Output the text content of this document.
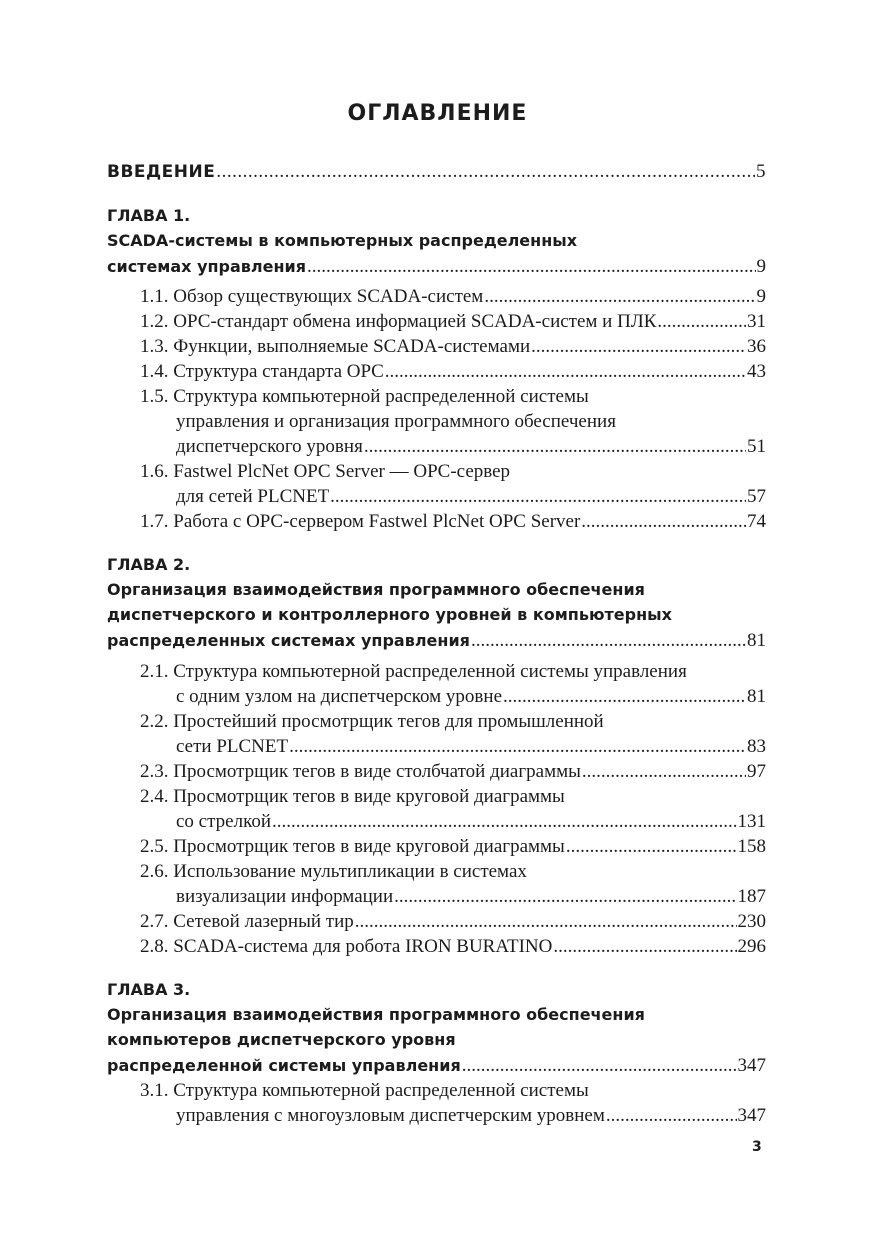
ОГЛАВЛЕНИЕ
ВВЕДЕНИЕ .....	5
ГЛАВА 1.
SCADA-системы в компьютерных распределенных
системах управления .....	9
1.1. Обзор существующих SCADA-систем .....	9
1.2. ОРС-стандарт обмена информацией SCADA-систем и ПЛК .....	31
1.3. Функции, выполняемые SCADA-системами .....	36
1.4. Структура стандарта OPC .....	43
1.5. Структура компьютерной распределенной системы
управления и организация программного обеспечения
диспетчерского уровня .....	51
1.6. Fastwel PlcNet OPC Server — OPC-сервер
для сетей PLCNET .....	57
1.7. Работа с OPC-сервером Fastwel PlcNet OPC Server .....	74
ГЛАВА 2.
Организация взаимодействия программного обеспечения
диспетчерского и контроллерного уровней в компьютерных
распределенных системах управления .....	81
2.1. Структура компьютерной распределенной системы управления
с одним узлом на диспетчерском уровне .....	81
2.2. Простейший просмотрщик тегов для промышленной
сети PLCNET .....	83
2.3. Просмотрщик тегов в виде столбчатой диаграммы .....	97
2.4. Просмотрщик тегов в виде круговой диаграммы
со стрелкой .....	131
2.5. Просмотрщик тегов в виде круговой диаграммы .....	158
2.6. Использование мультипликации в системах
визуализации информации .....	187
2.7. Сетевой лазерный тир .....	230
2.8. SCADA-система для робота IRON BURATINO .....	296
ГЛАВА 3.
Организация взаимодействия программного обеспечения
компьютеров диспетчерского уровня
распределенной системы управления .....	347
3.1. Структура компьютерной распределенной системы
управления с многоузловым диспетчерским уровнем .....	347
3
